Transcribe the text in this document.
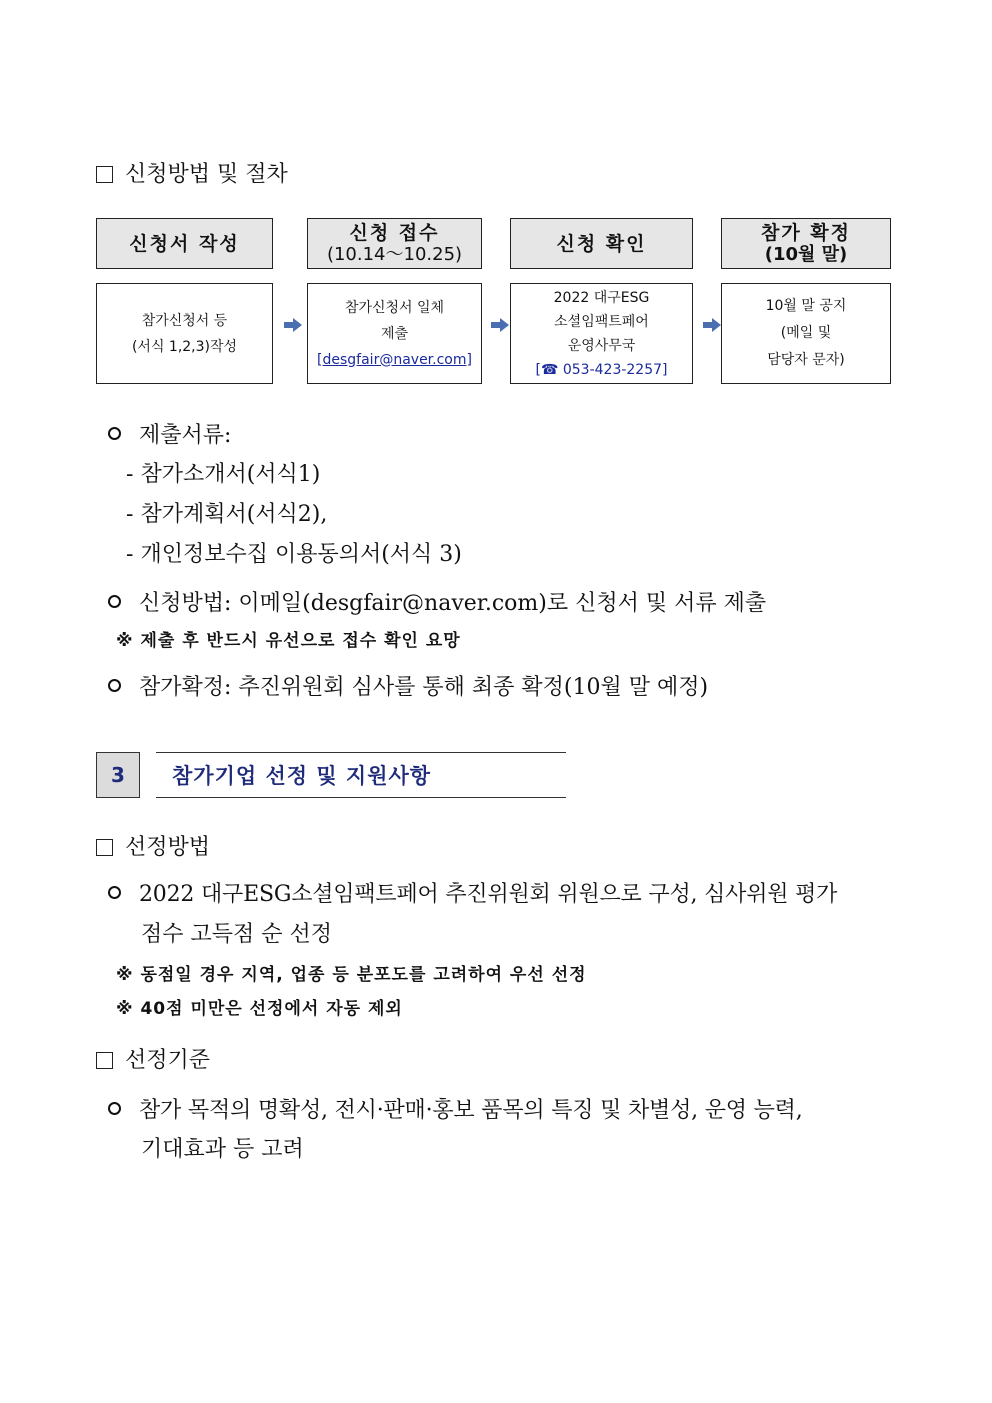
신청방법 및 절차
신청서 작성	신청 접수
(10.14～10.25)	신청 확인	참가 확정
(10월 말)
참가신청서 등
(서식 1,2,3)작성
참가신청서 일체
제출
[desgfair@naver.com]
2022 대구ESG
소셜임팩트페어
운영사무국
[☎ 053-423-2257]
10월 말 공지
(메일 및
담당자 문자)
제출서류:
- 참가소개서(서식1)
- 참가계획서(서식2),
- 개인정보수집 이용동의서(서식 3)
신청방법: 이메일(desgfair@naver.com)로 신청서 및 서류 제출
※ 제출 후 반드시 유선으로 접수 확인 요망
참가확정: 추진위원회 심사를 통해 최종 확정(10월 말 예정)
3	참가기업 선정 및 지원사항
선정방법
2022 대구ESG소셜임팩트페어 추진위원회 위원으로 구성, 심사위원 평가
점수 고득점 순 선정
※ 동점일 경우 지역, 업종 등 분포도를 고려하여 우선 선정
※ 40점 미만은 선정에서 자동 제외
선정기준
참가 목적의 명확성, 전시·판매·홍보 품목의 특징 및 차별성, 운영 능력,
기대효과 등 고려
